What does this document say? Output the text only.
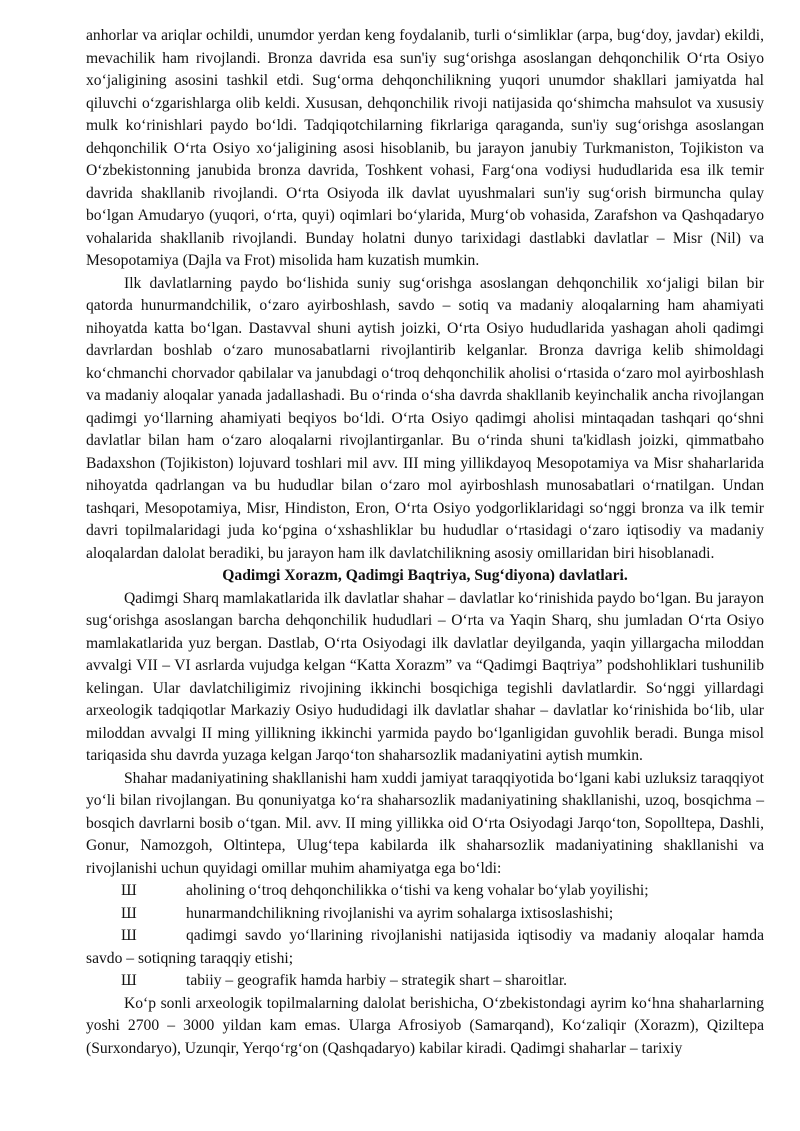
anhorlar va ariqlar ochildi, unumdor yerdan keng foydalanib, turli o‘simliklar (arpa, bug‘doy, javdar) ekildi, mevachilik ham rivojlandi. Bronza davrida esa sun'iy sug‘orishga asoslangan dehqonchilik O‘rta Osiyo xo‘jaligining asosini tashkil etdi. Sug‘orma dehqonchilikning yuqori unumdor shakllari jamiyatda hal qiluvchi o‘zgarishlarga olib keldi. Xususan, dehqonchilik rivoji natijasida qo‘shimcha mahsulot va xususiy mulk ko‘rinishlari paydo bo‘ldi. Tadqiqotchilarning fikrlariga qaraganda, sun'iy sug‘orishga asoslangan dehqonchilik O‘rta Osiyo xo‘jaligining asosi hisoblanib, bu jarayon janubiy Turkmaniston, Tojikiston va O‘zbekistonning janubida bronza davrida, Toshkent vohasi, Farg‘ona vodiysi hududlarida esa ilk temir davrida shakllanib rivojlandi. O‘rta Osiyoda ilk davlat uyushmalari sun'iy sug‘orish birmuncha qulay bo‘lgan Amudaryo (yuqori, o‘rta, quyi) oqimlari bo‘ylarida, Murg‘ob vohasida, Zarafshon va Qashqadaryo vohalarida shakllanib rivojlandi. Bunday holatni dunyo tarixidagi dastlabki davlatlar – Misr (Nil) va Mesopotamiya (Dajla va Frot) misolida ham kuzatish mumkin.

Ilk davlatlarning paydo bo‘lishida suniy sug‘orishga asoslangan dehqonchilik xo‘jaligi bilan bir qatorda hunurmandchilik, o‘zaro ayirboshlash, savdo – sotiq va madaniy aloqalarning ham ahamiyati nihoyatda katta bo‘lgan. Dastavval shuni aytish joizki, O‘rta Osiyo hududlarida yashagan aholi qadimgi davrlardan boshlab o‘zaro munosabatlarni rivojlantirib kelganlar. Bronza davriga kelib shimoldagi ko‘chmanchi chorvador qabilalar va janubdagi o‘troq dehqonchilik aholisi o‘rtasida o‘zaro mol ayirboshlash va madaniy aloqalar yanada jadallashadi. Bu o‘rinda o‘sha davrda shakllanib keyinchalik ancha rivojlangan qadimgi yo‘llarning ahamiyati beqiyos bo‘ldi. O‘rta Osiyo qadimgi aholisi mintaqadan tashqari qo‘shni davlatlar bilan ham o‘zaro aloqalarni rivojlantirganlar. Bu o‘rinda shuni ta'kidlash joizki, qimmatbaho Badaxshon (Tojikiston) lojuvard toshlari mil avv. III ming yillikdayoq Mesopotamiya va Misr shaharlarida nihoyatda qadrlangan va bu hududlar bilan o‘zaro mol ayirboshlash munosabatlari o‘rnatilgan. Undan tashqari, Mesopotamiya, Misr, Hindiston, Eron, O‘rta Osiyo yodgorliklaridagi so‘nggi bronza va ilk temir davri topilmalaridagi juda ko‘pgina o‘xshashliklar bu hududlar o‘rtasidagi o‘zaro iqtisodiy va madaniy aloqalardan dalolat beradiki, bu jarayon ham ilk davlatchilikning asosiy omillaridan biri hisoblanadi.

Qadimgi Xorazm, Qadimgi Baqtriya, Sug‘diyona) davlatlari.

Qadimgi Sharq mamlakatlarida ilk davlatlar shahar – davlatlar ko‘rinishida paydo bo‘lgan. Bu jarayon sug‘orishga asoslangan barcha dehqonchilik hududlari – O‘rta va Yaqin Sharq, shu jumladan O‘rta Osiyo mamlakatlarida yuz bergan. Dastlab, O‘rta Osiyodagi ilk davlatlar deyilganda, yaqin yillargacha miloddan avvalgi VII – VI asrlarda vujudga kelgan “Katta Xorazm” va “Qadimgi Baqtriya” podshohliklari tushunilib kelingan. Ular davlatchiligimiz rivojining ikkinchi bosqichiga tegishli davlatlardir. So‘nggi yillardagi arxeologik tadqiqotlar Markaziy Osiyo hududidagi ilk davlatlar shahar – davlatlar ko‘rinishida bo‘lib, ular miloddan avvalgi II ming yillikning ikkinchi yarmida paydo bo‘lganligidan guvohlik beradi. Bunga misol tariqasida shu davrda yuzaga kelgan Jarqo‘ton shaharsozlik madaniyatini aytish mumkin.

Shahar madaniyatining shakllanishi ham xuddi jamiyat taraqqiyotida bo‘lgani kabi uzluksiz taraqqiyot yo‘li bilan rivojlangan. Bu qonuniyatga ko‘ra shaharsozlik madaniyatining shakllanishi, uzoq, bosqichma – bosqich davrlarni bosib o‘tgan. Mil. avv. II ming yillikka oid O‘rta Osiyodagi Jarqo‘ton, Sopolltepa, Dashli, Gonur, Namozgoh, Oltintepa, Ulug‘tepa kabilarda ilk shaharsozlik madaniyatining shakllanishi va rivojlanishi uchun quyidagi omillar muhim ahamiyatga ega bo‘ldi:

Ш	aholining o‘troq dehqonchilikka o‘tishi va keng vohalar bo‘ylab yoyilishi;
Ш	hunarmandchilikning rivojlanishi va ayrim sohalarga ixtisoslashishi;
Ш	qadimgi savdo yo‘llarining rivojlanishi natijasida iqtisodiy va madaniy aloqalar hamda savdo – sotiqning taraqqiy etishi;
Ш	tabiiy – geografik hamda harbiy – strategik shart – sharoitlar.

Ko‘p sonli arxeologik topilmalarning dalolat berishicha, O‘zbekistondagi ayrim ko‘hna shaharlarning yoshi 2700 – 3000 yildan kam emas. Ularga Afrosiyob (Samarqand), Ko‘zaliqir (Xorazm), Qiziltepa (Surxondaryo), Uzunqir, Yerqo‘rg‘on (Qashqadaryo) kabilar kiradi. Qadimgi shaharlar – tarixiy
